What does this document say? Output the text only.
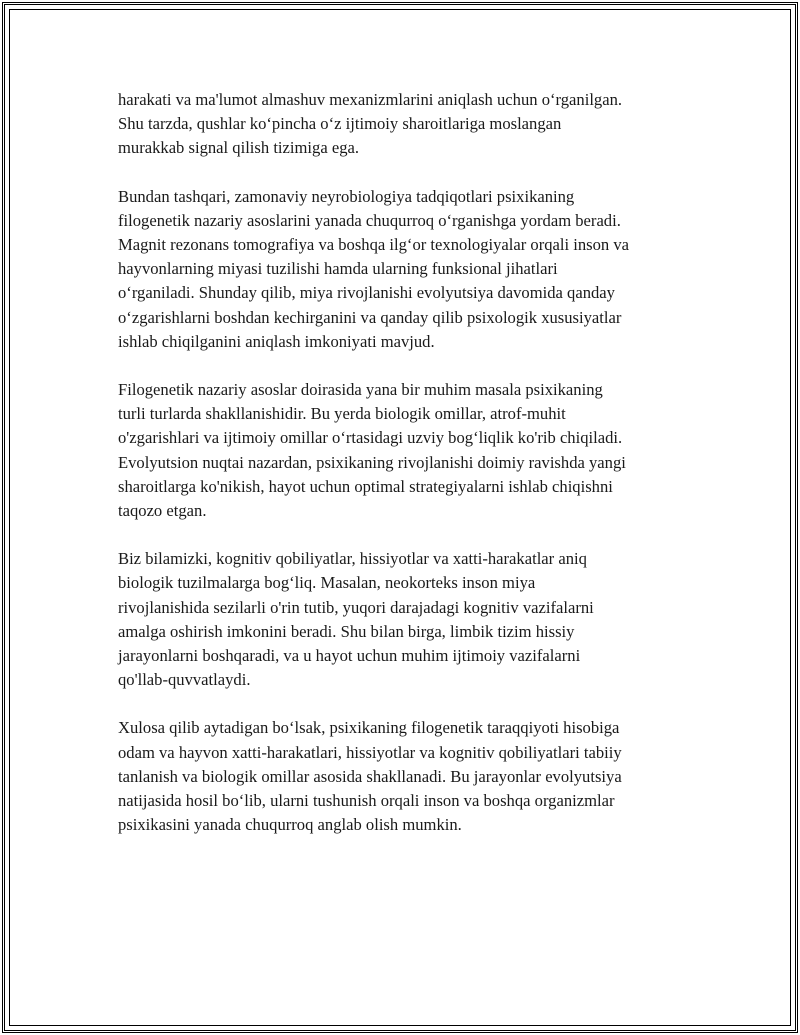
harakati va ma'lumot almashuv mexanizmlarini aniqlash uchun o‘rganilgan.
Shu tarzda, qushlar ko‘pincha o‘z ijtimoiy sharoitlariga moslangan
murakkab signal qilish tizimiga ega.

Bundan tashqari, zamonaviy neyrobiologiya tadqiqotlari psixikaning
filogenetik nazariy asoslarini yanada chuqurroq o‘rganishga yordam beradi.
Magnit rezonans tomografiya va boshqa ilg‘or texnologiyalar orqali inson va
hayvonlarning miyasi tuzilishi hamda ularning funksional jihatlari
o‘rganiladi. Shunday qilib, miya rivojlanishi evolyutsiya davomida qanday
o‘zgarishlarni boshdan kechirganini va qanday qilib psixologik xususiyatlar
ishlab chiqilganini aniqlash imkoniyati mavjud.

Filogenetik nazariy asoslar doirasida yana bir muhim masala psixikaning
turli turlarda shakllanishidir. Bu yerda biologik omillar, atrof-muhit
o'zgarishlari va ijtimoiy omillar o‘rtasidagi uzviy bog‘liqlik ko'rib chiqiladi.
Evolyutsion nuqtai nazardan, psixikaning rivojlanishi doimiy ravishda yangi
sharoitlarga ko'nikish, hayot uchun optimal strategiyalarni ishlab chiqishni
taqozo etgan.

Biz bilamizki, kognitiv qobiliyatlar, hissiyotlar va xatti-harakatlar aniq
biologik tuzilmalarga bog‘liq. Masalan, neokorteks inson miya
rivojlanishida sezilarli o'rin tutib, yuqori darajadagi kognitiv vazifalarni
amalga oshirish imkonini beradi. Shu bilan birga, limbik tizim hissiy
jarayonlarni boshqaradi, va u hayot uchun muhim ijtimoiy vazifalarni
qo'llab-quvvatlaydi.

Xulosa qilib aytadigan bo‘lsak, psixikaning filogenetik taraqqiyoti hisobiga
odam va hayvon xatti-harakatlari, hissiyotlar va kognitiv qobiliyatlari tabiiy
tanlanish va biologik omillar asosida shakllanadi. Bu jarayonlar evolyutsiya
natijasida hosil bo‘lib, ularni tushunish orqali inson va boshqa organizmlar
psixikasini yanada chuqurroq anglab olish mumkin.
